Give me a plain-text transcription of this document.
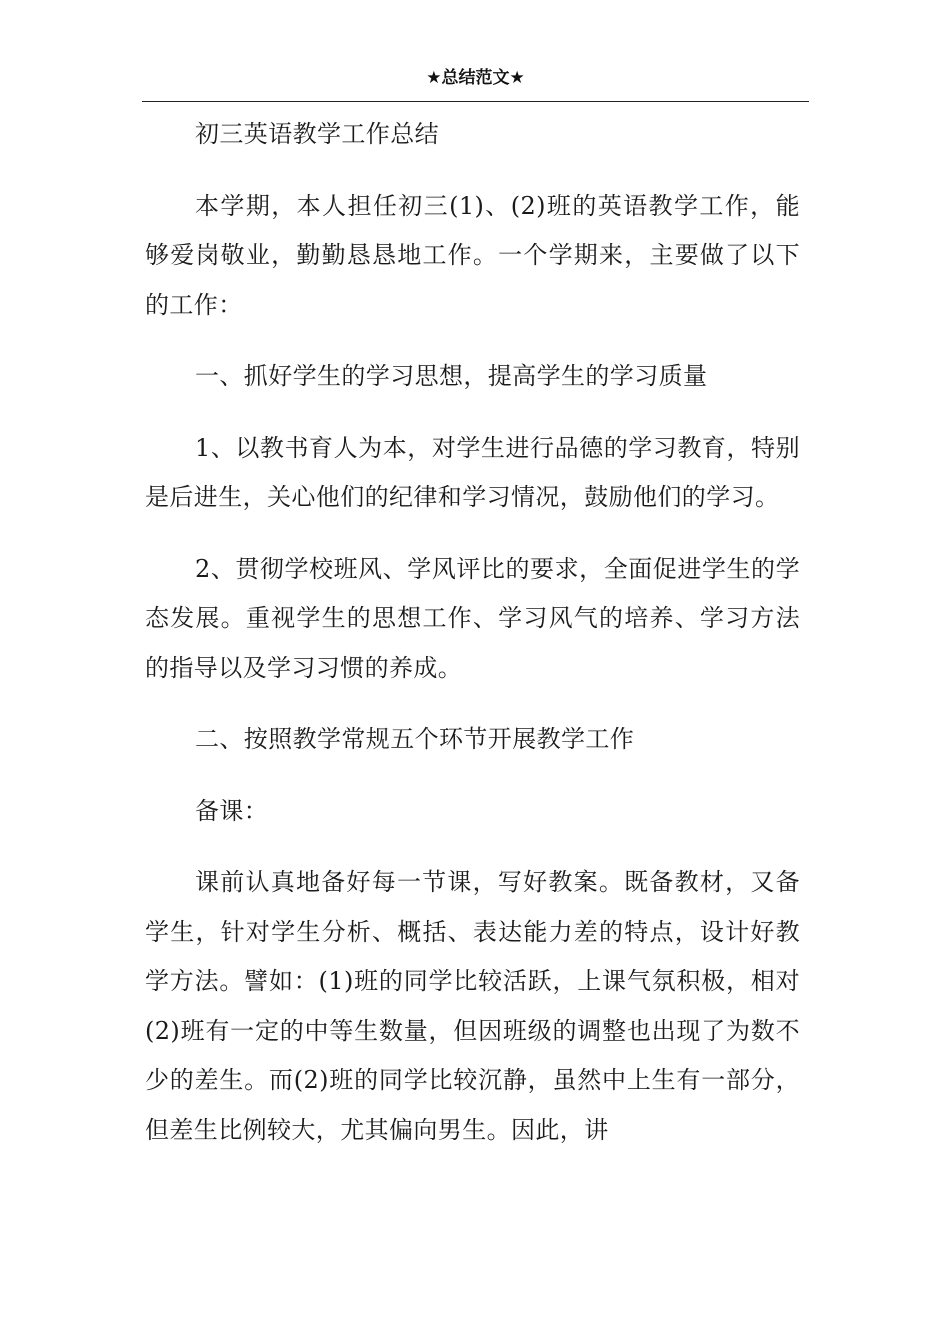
★总结范文★

初三英语教学工作总结

本学期，本人担任初三(1)、(2)班的英语教学工作，能够爱岗敬业，勤勤恳恳地工作。一个学期来，主要做了以下的工作：

一、抓好学生的学习思想，提高学生的学习质量

1、以教书育人为本，对学生进行品德的学习教育，特别是后进生，关心他们的纪律和学习情况，鼓励他们的学习。

2、贯彻学校班风、学风评比的要求，全面促进学生的学态发展。重视学生的思想工作、学习风气的培养、学习方法的指导以及学习习惯的养成。

二、按照教学常规五个环节开展教学工作

备课：

课前认真地备好每一节课，写好教案。既备教材，又备学生，针对学生分析、概括、表达能力差的特点，设计好教学方法。譬如：(1)班的同学比较活跃，上课气氛积极，相对(2)班有一定的中等生数量，但因班级的调整也出现了为数不少的差生。而(2)班的同学比较沉静，虽然中上生有一部分，但差生比例较大，尤其偏向男生。因此，讲
